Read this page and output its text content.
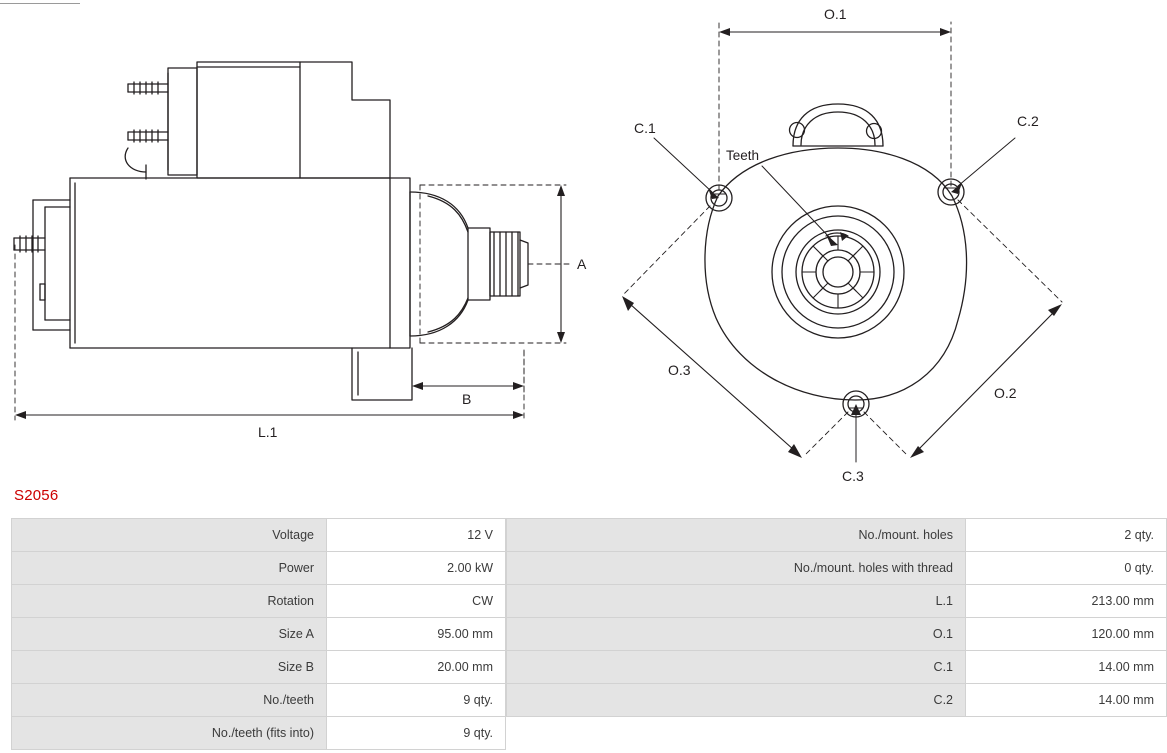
A
B
L.1
O.1
O.2
O.3
C.1	C.2
C.3
Teeth
S2056
Voltage	12 V
Power	2.00 kW
Rotation	CW
Size A	95.00 mm
Size B	20.00 mm
No./teeth	9 qty.
No./teeth (fits into)	9 qty.
No./mount. holes	2 qty.
No./mount. holes with thread	0 qty.
L.1	213.00 mm
O.1	120.00 mm
C.1	14.00 mm
C.2	14.00 mm
